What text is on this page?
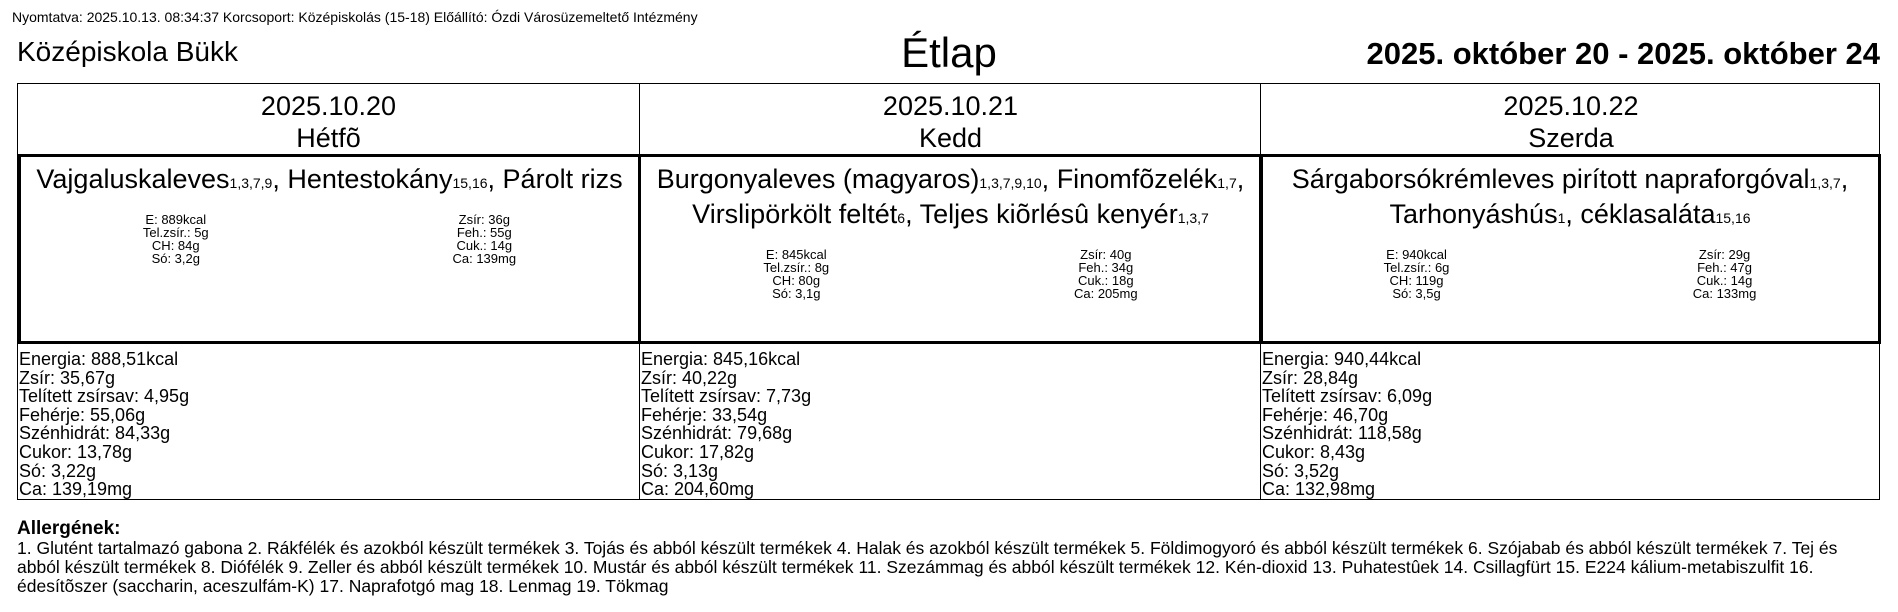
Nyomtatva: 2025.10.13. 08:34:37 Korcsoport: Középiskolás (15-18) Előállító: Ózdi Városüzemeltető Intézmény
Középiskola Bükk	Étlap	2025. október 20 - 2025. október 24
2025.10.20
Hétfõ
Vajgaluskaleves1,3,7,9, Hentestokány15,16, Párolt rizs
E: 889kcal
Tel.zsír.: 5g
CH: 84g
Só: 3,2g
Zsír: 36g
Feh.: 55g
Cuk.: 14g
Ca: 139mg
Energia: 888,51kcal
Zsír: 35,67g
Telített zsírsav: 4,95g
Fehérje: 55,06g
Szénhidrát: 84,33g
Cukor: 13,78g
Só: 3,22g
Ca: 139,19mg
2025.10.21
Kedd
Burgonyaleves (magyaros)1,3,7,9,10, Finomfõzelék1,7, Virslipörkölt feltét6, Teljes kiõrlésû kenyér1,3,7
E: 845kcal
Tel.zsír.: 8g
CH: 80g
Só: 3,1g
Zsír: 40g
Feh.: 34g
Cuk.: 18g
Ca: 205mg
Energia: 845,16kcal
Zsír: 40,22g
Telített zsírsav: 7,73g
Fehérje: 33,54g
Szénhidrát: 79,68g
Cukor: 17,82g
Só: 3,13g
Ca: 204,60mg
2025.10.22
Szerda
Sárgaborsókrémleves pirított napraforgóval1,3,7, Tarhonyáshús1, céklasaláta15,16
E: 940kcal
Tel.zsír.: 6g
CH: 119g
Só: 3,5g
Zsír: 29g
Feh.: 47g
Cuk.: 14g
Ca: 133mg
Energia: 940,44kcal
Zsír: 28,84g
Telített zsírsav: 6,09g
Fehérje: 46,70g
Szénhidrát: 118,58g
Cukor: 8,43g
Só: 3,52g
Ca: 132,98mg
Allergének:
1. Glutént tartalmazó gabona 2. Rákfélék és azokból készült termékek 3. Tojás és abból készült termékek 4. Halak és azokból készült termékek 5. Földimogyoró és abból készült termékek 6. Szójabab és abból készült termékek 7. Tej és abból készült termékek 8. Diófélék 9. Zeller és abból készült termékek 10. Mustár és abból készült termékek 11. Szezámmag és abból készült termékek 12. Kén-dioxid 13. Puhatestûek 14. Csillagfürt 15. E224 kálium-metabiszulfit 16. édesítõszer (saccharin, aceszulfám-K) 17. Naprafotgó mag 18. Lenmag 19. Tökmag
